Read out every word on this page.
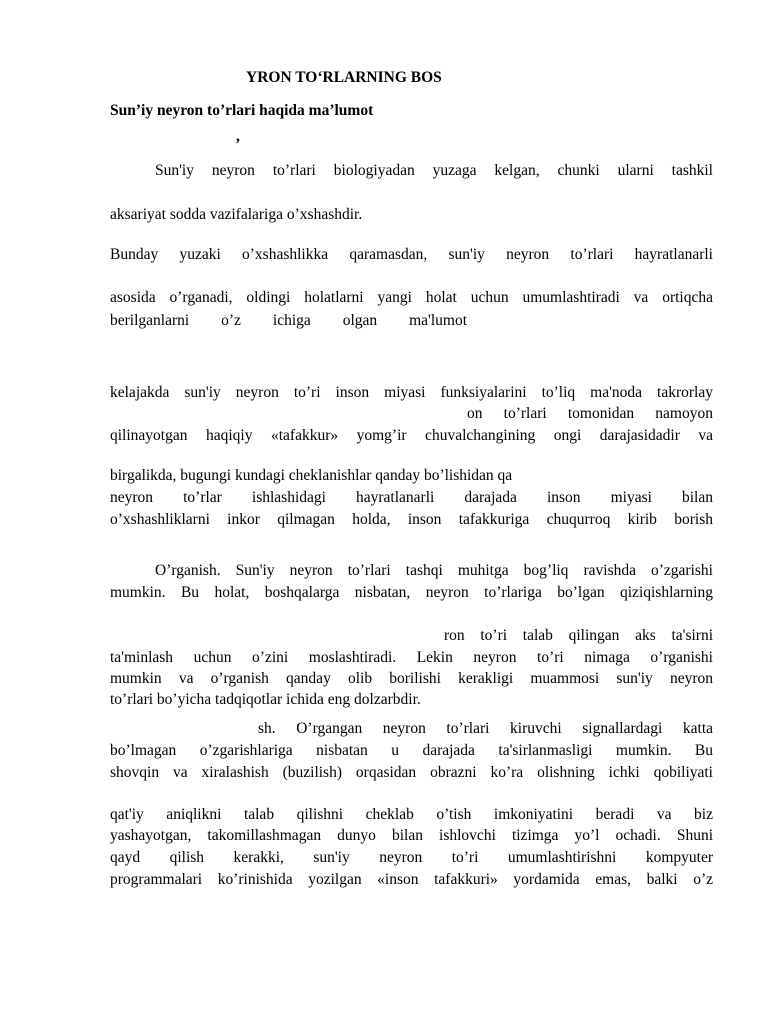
YRON TO‘RLARNING BOS
Sun’iy neyron to’rlari haqida ma’lumot
,
Sun'iy neyron to’rlari biologiyadan yuzaga kelgan, chunki ularni tashkil
aksariyat sodda vazifalariga o’xshashdir.
Bunday yuzaki o’xshashlikka qaramasdan, sun'iy neyron to’rlari hayratlanarli
asosida o’rganadi, oldingi holatlarni yangi holat uchun umumlashtiradi va ortiqcha
berilganlarni o’z ichiga olgan ma'lumot
kelajakda sun'iy neyron to’ri inson miyasi funksiyalarini to’liq ma'noda takrorlay
on to’rlari tomonidan namoyon
qilinayotgan haqiqiy «tafakkur» yomg’ir chuvalchangining ongi darajasidadir va
birgalikda, bugungi kundagi cheklanishlar qanday bo’lishidan qa
neyron to’rlar ishlashidagi hayratlanarli darajada inson miyasi bilan
o’xshashliklarni inkor qilmagan holda, inson tafakkuriga chuqurroq kirib borish
O’rganish. Sun'iy neyron to’rlari tashqi muhitga bog’liq ravishda o’zgarishi
mumkin. Bu holat, boshqalarga nisbatan, neyron to’rlariga bo’lgan qiziqishlarning
ron to’ri talab qilingan aks ta'sirni
ta'minlash uchun o’zini moslashtiradi. Lekin neyron to’ri nimaga o’rganishi
mumkin va o’rganish qanday olib borilishi kerakligi muammosi sun'iy neyron
to’rlari bo’yicha tadqiqotlar ichida eng dolzarbdir.
sh. O’rgangan neyron to’rlari kiruvchi signallardagi katta
bo’lmagan o’zgarishlariga nisbatan u darajada ta'sirlanmasligi mumkin. Bu
shovqin va xiralashish (buzilish) orqasidan obrazni ko’ra olishning ichki qobiliyati
qat'iy aniqlikni talab qilishni cheklab o’tish imkoniyatini beradi va biz
yashayotgan, takomillashmagan dunyo bilan ishlovchi tizimga yo’l ochadi. Shuni
qayd qilish kerakki, sun'iy neyron to’ri umumlashtirishni kompyuter
programmalari ko’rinishida yozilgan «inson tafakkuri» yordamida emas, balki o’z
